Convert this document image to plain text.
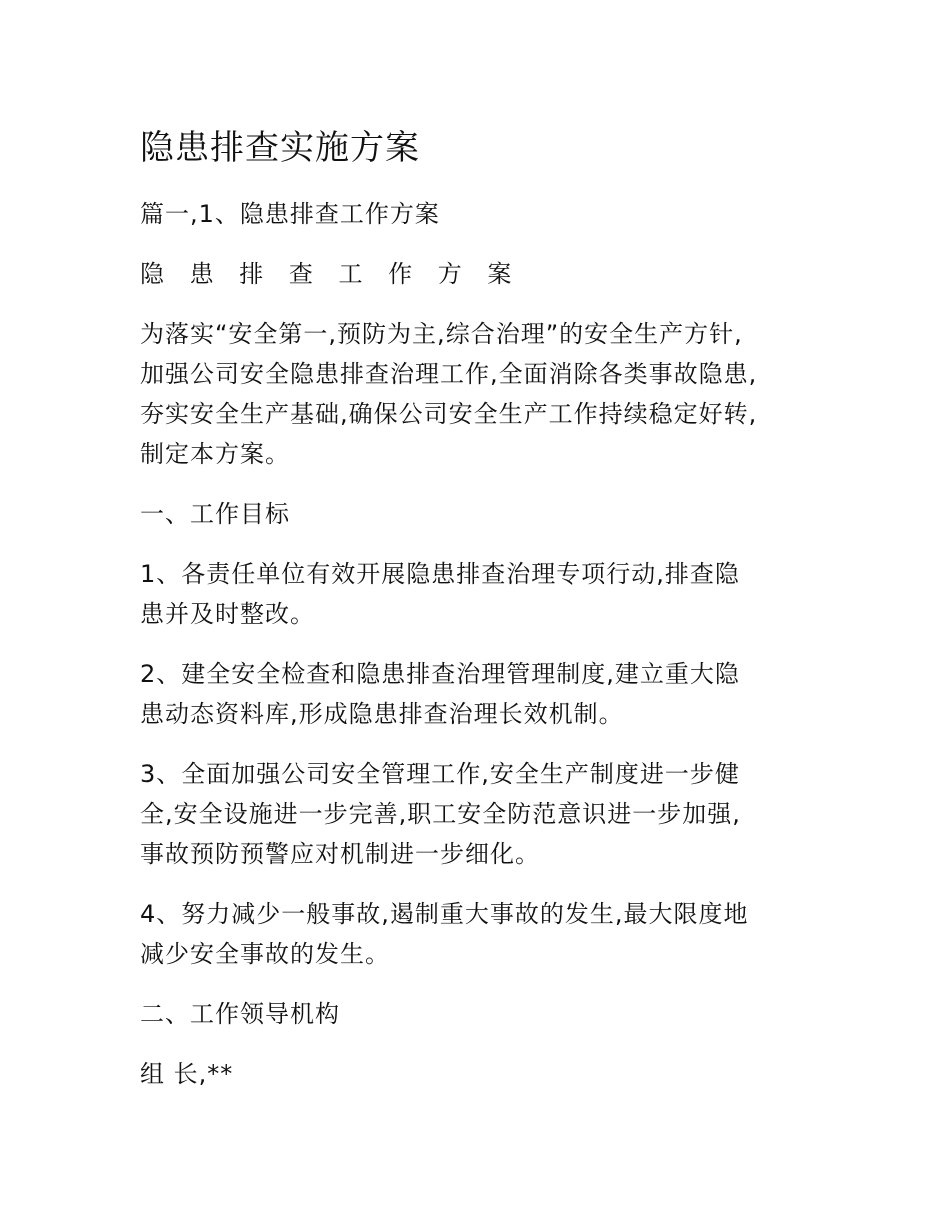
隐患排查实施方案

篇一,1、隐患排查工作方案

隐 患 排 查 工 作 方 案

为落实“安全第一,预防为主,综合治理”的安全生产方针,
加强公司安全隐患排查治理工作,全面消除各类事故隐患,
夯实安全生产基础,确保公司安全生产工作持续稳定好转,
制定本方案。

一、工作目标

1、各责任单位有效开展隐患排查治理专项行动,排查隐
患并及时整改。

2、建全安全检查和隐患排查治理管理制度,建立重大隐
患动态资料库,形成隐患排查治理长效机制。

3、全面加强公司安全管理工作,安全生产制度进一步健
全,安全设施进一步完善,职工安全防范意识进一步加强,
事故预防预警应对机制进一步细化。

4、努力减少一般事故,遏制重大事故的发生,最大限度地
减少安全事故的发生。

二、工作领导机构

组 长,**
